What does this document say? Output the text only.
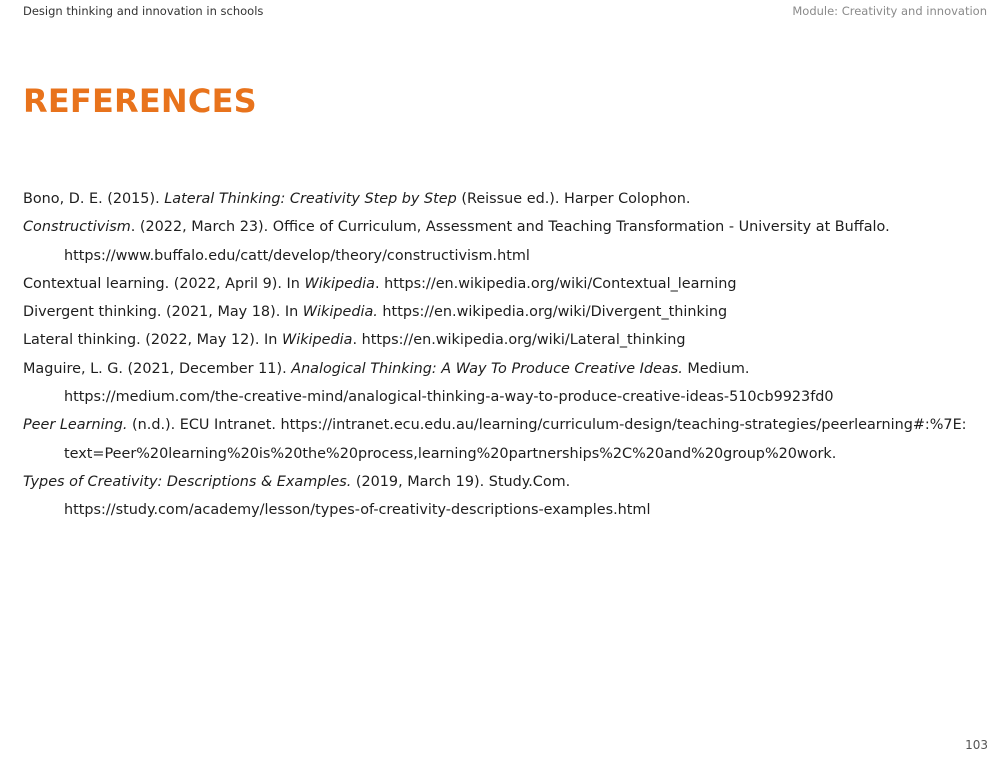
Design thinking and innovation in schools	Module: Creativity and innovation
REFERENCES
Bono, D. E. (2015). Lateral Thinking: Creativity Step by Step (Reissue ed.). Harper Colophon.
Constructivism. (2022, March 23). Office of Curriculum, Assessment and Teaching Transformation - University at Buffalo.
https://www.buffalo.edu/catt/develop/theory/constructivism.html
Contextual learning. (2022, April 9). In Wikipedia. https://en.wikipedia.org/wiki/Contextual_learning
Divergent thinking. (2021, May 18). In Wikipedia. https://en.wikipedia.org/wiki/Divergent_thinking
Lateral thinking. (2022, May 12). In Wikipedia. https://en.wikipedia.org/wiki/Lateral_thinking
Maguire, L. G. (2021, December 11). Analogical Thinking: A Way To Produce Creative Ideas. Medium.
https://medium.com/the-creative-mind/analogical-thinking-a-way-to-produce-creative-ideas-510cb9923fd0
Peer Learning. (n.d.). ECU Intranet. https://intranet.ecu.edu.au/learning/curriculum-design/teaching-strategies/peerlearning#:%7E:
text=Peer%20learning%20is%20the%20process,learning%20partnerships%2C%20and%20group%20work.
Types of Creativity: Descriptions & Examples. (2019, March 19). Study.Com.
https://study.com/academy/lesson/types-of-creativity-descriptions-examples.html
103
